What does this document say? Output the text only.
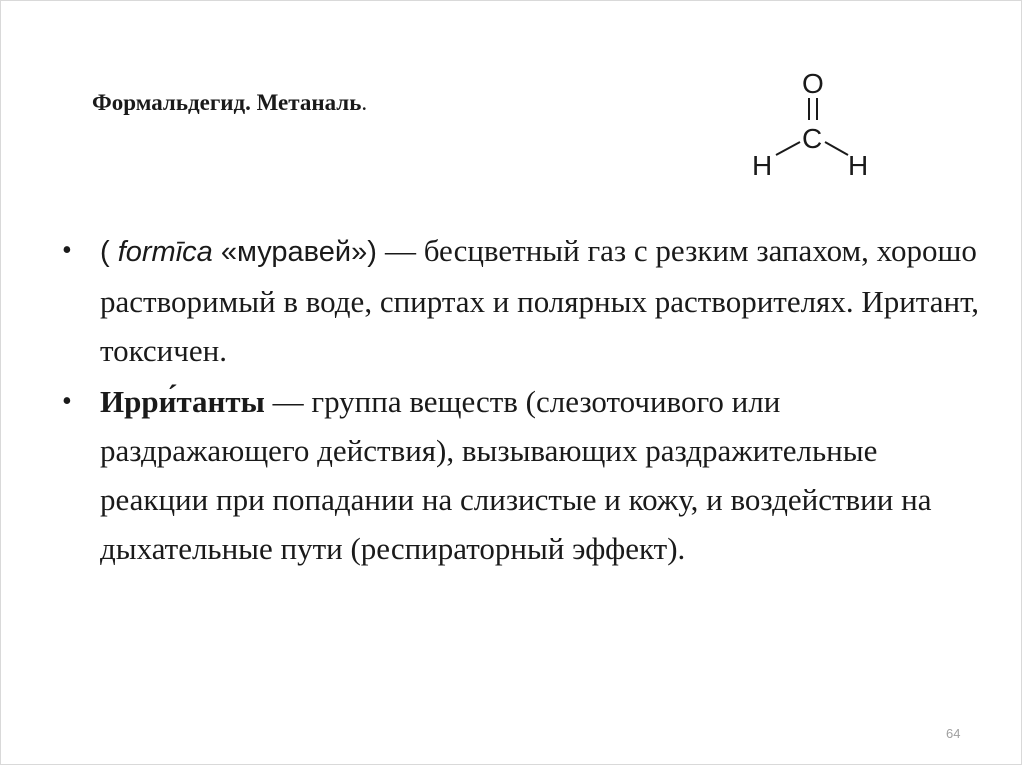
Формальдегид. Метаналь.
O
C
H	H
• ( formīca «муравей») — бесцветный газ с резким запахом, хорошо растворимый в воде, спиртах и полярных растворителях. Иритант, токсичен.
• Ирри́танты — группа веществ (слезоточивого или раздражающего действия), вызывающих раздражительные реакции при попадании на слизистые и кожу, и воздействии на дыхательные пути (респираторный эффект).
64
